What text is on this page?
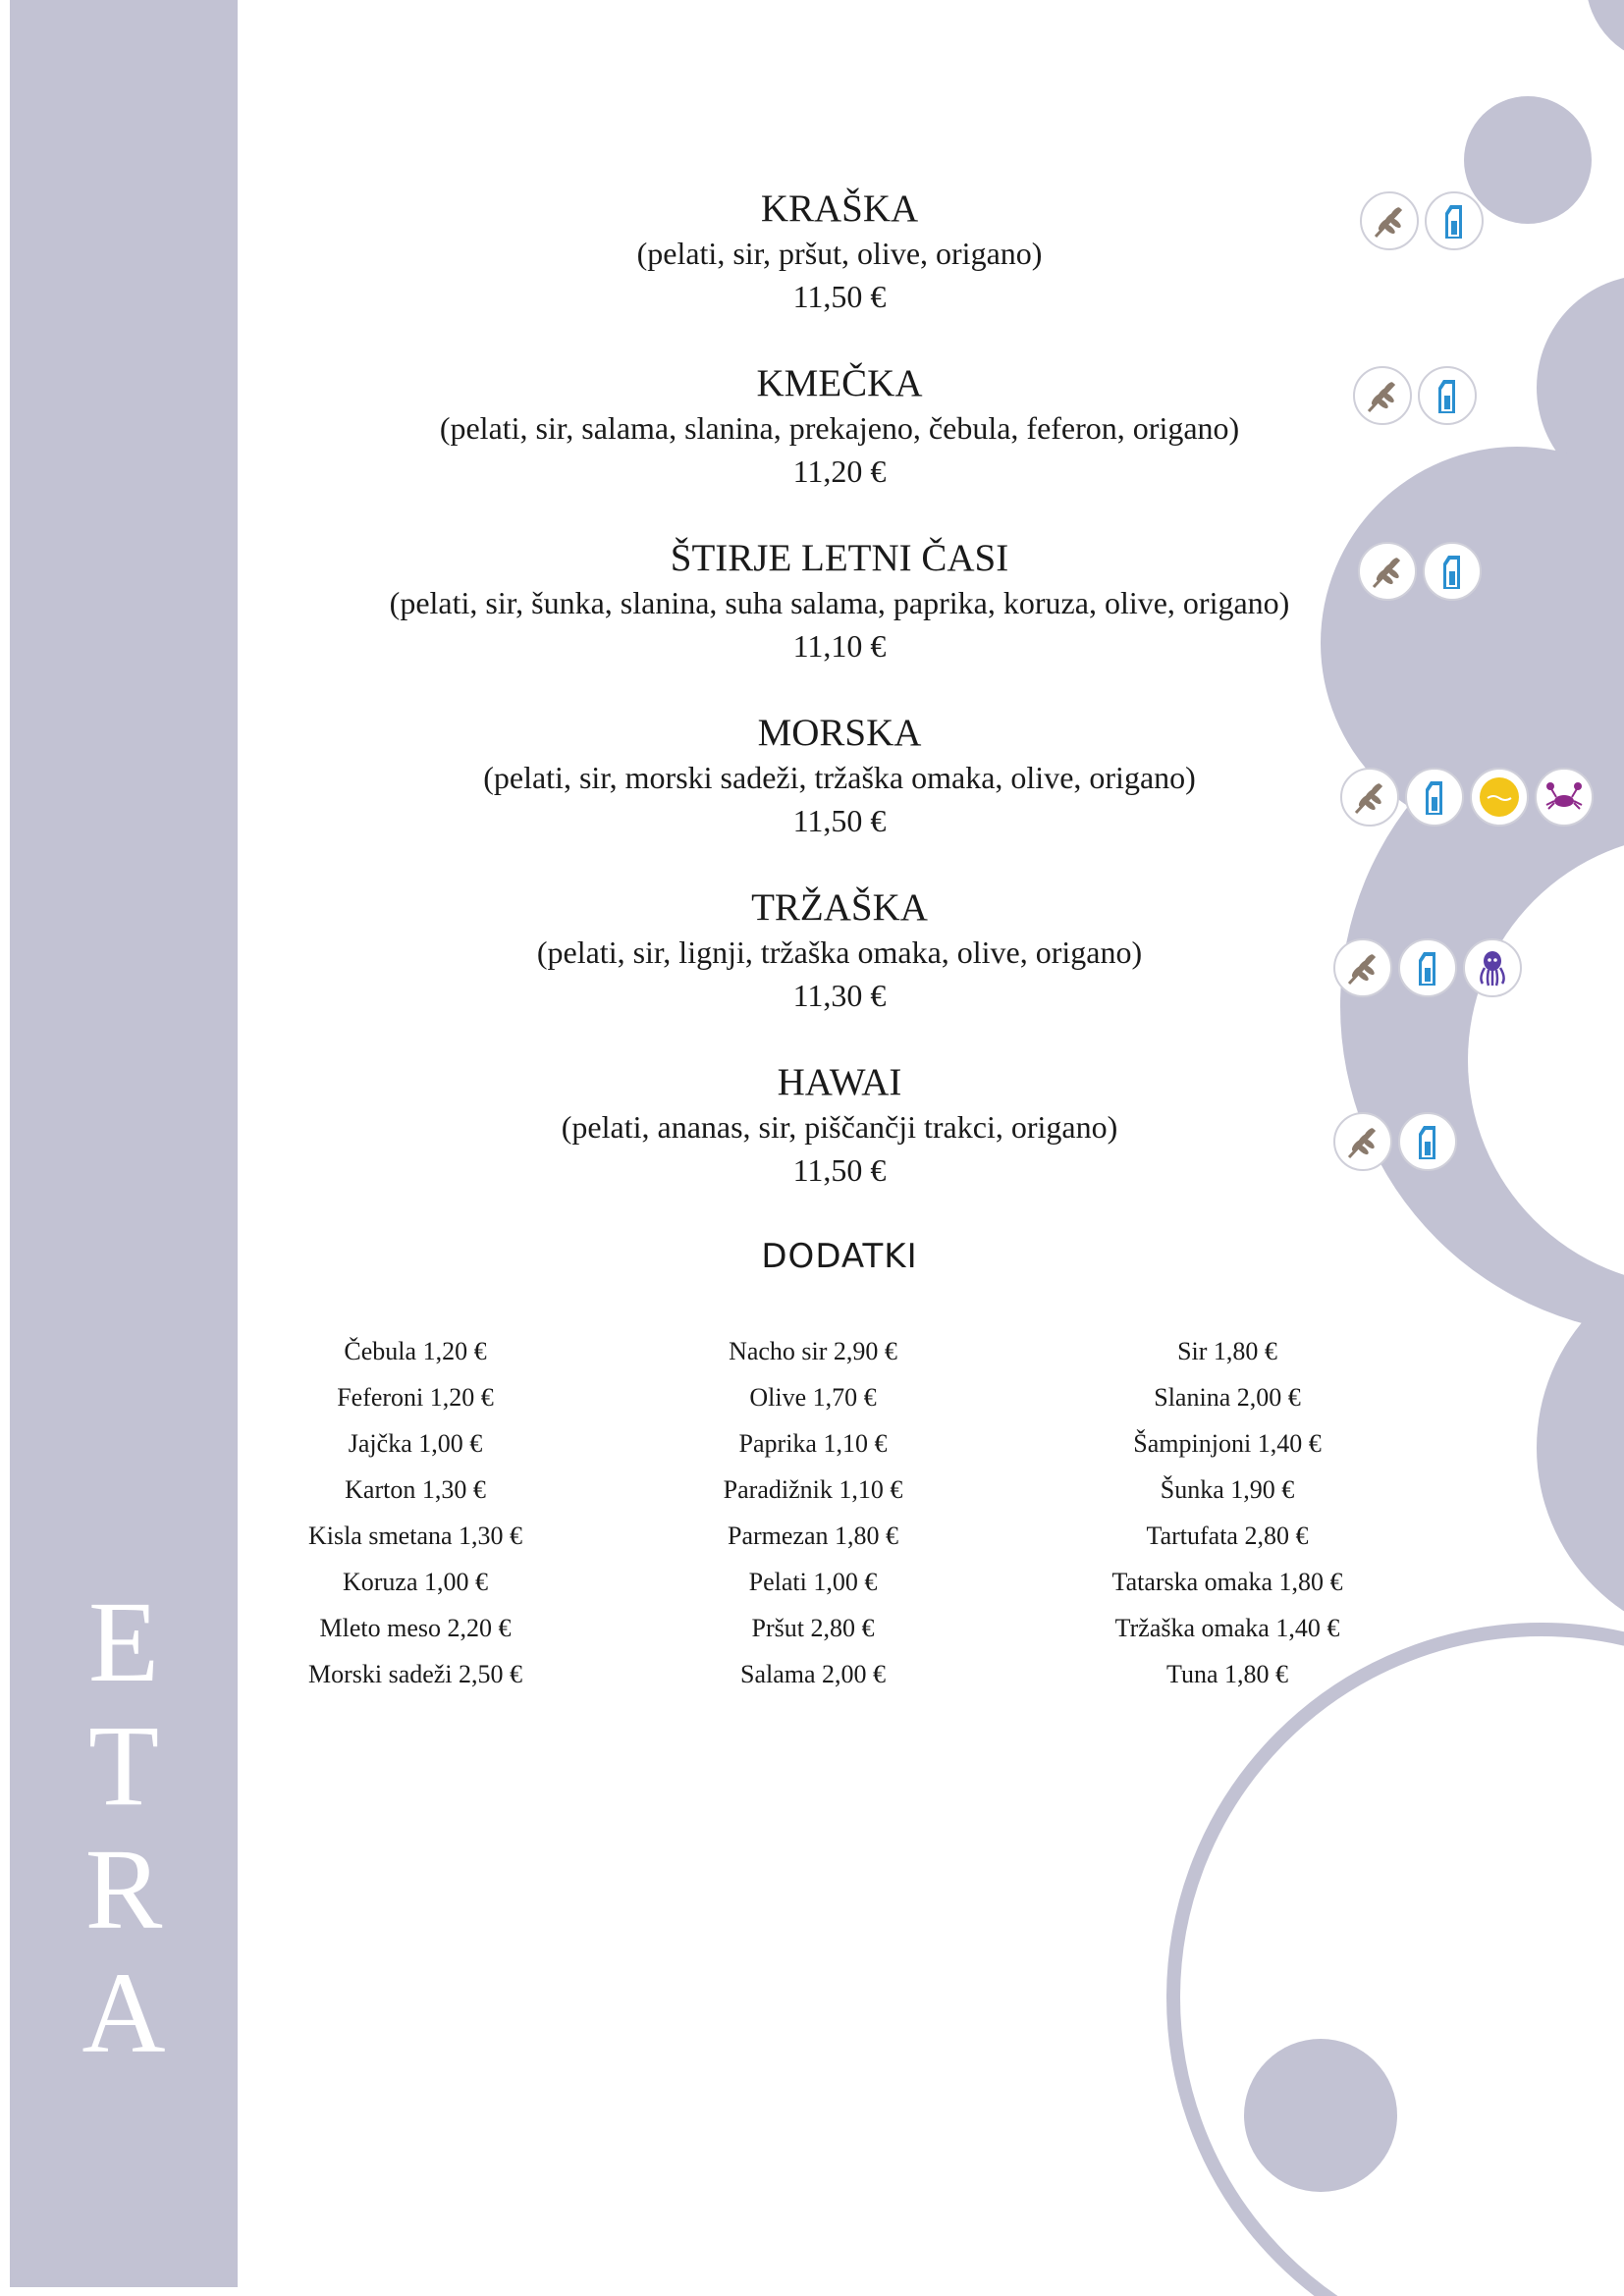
E
T
R
A
KRAŠKA
(pelati, sir, pršut, olive, origano)
11,50 €
KMEČKA
(pelati, sir, salama, slanina, prekajeno, čebula, feferon, origano)
11,20 €
ŠTIRJE LETNI ČASI
(pelati, sir, šunka, slanina, suha salama, paprika, koruza, olive, origano)
11,10 €
MORSKA
(pelati, sir, morski sadeži, tržaška omaka, olive, origano)
11,50 €
TRŽAŠKA
(pelati, sir, lignji, tržaška omaka, olive, origano)
11,30 €
HAWAI
(pelati, ananas, sir, piščančji trakci, origano)
11,50 €
DODATKI
Čebula 1,20 €
Feferoni 1,20 €
Jajčka 1,00 €
Karton 1,30 €
Kisla smetana 1,30 €
Koruza 1,00 €
Mleto meso 2,20 €
Morski sadeži 2,50 €
Nacho sir 2,90 €
Olive 1,70 €
Paprika 1,10 €
Paradižnik 1,10 €
Parmezan 1,80 €
Pelati 1,00 €
Pršut 2,80 €
Salama 2,00 €
Sir 1,80 €
Slanina 2,00 €
Šampinjoni 1,40 €
Šunka 1,90 €
Tartufata 2,80 €
Tatarska omaka 1,80 €
Tržaška omaka 1,40 €
Tuna 1,80 €
